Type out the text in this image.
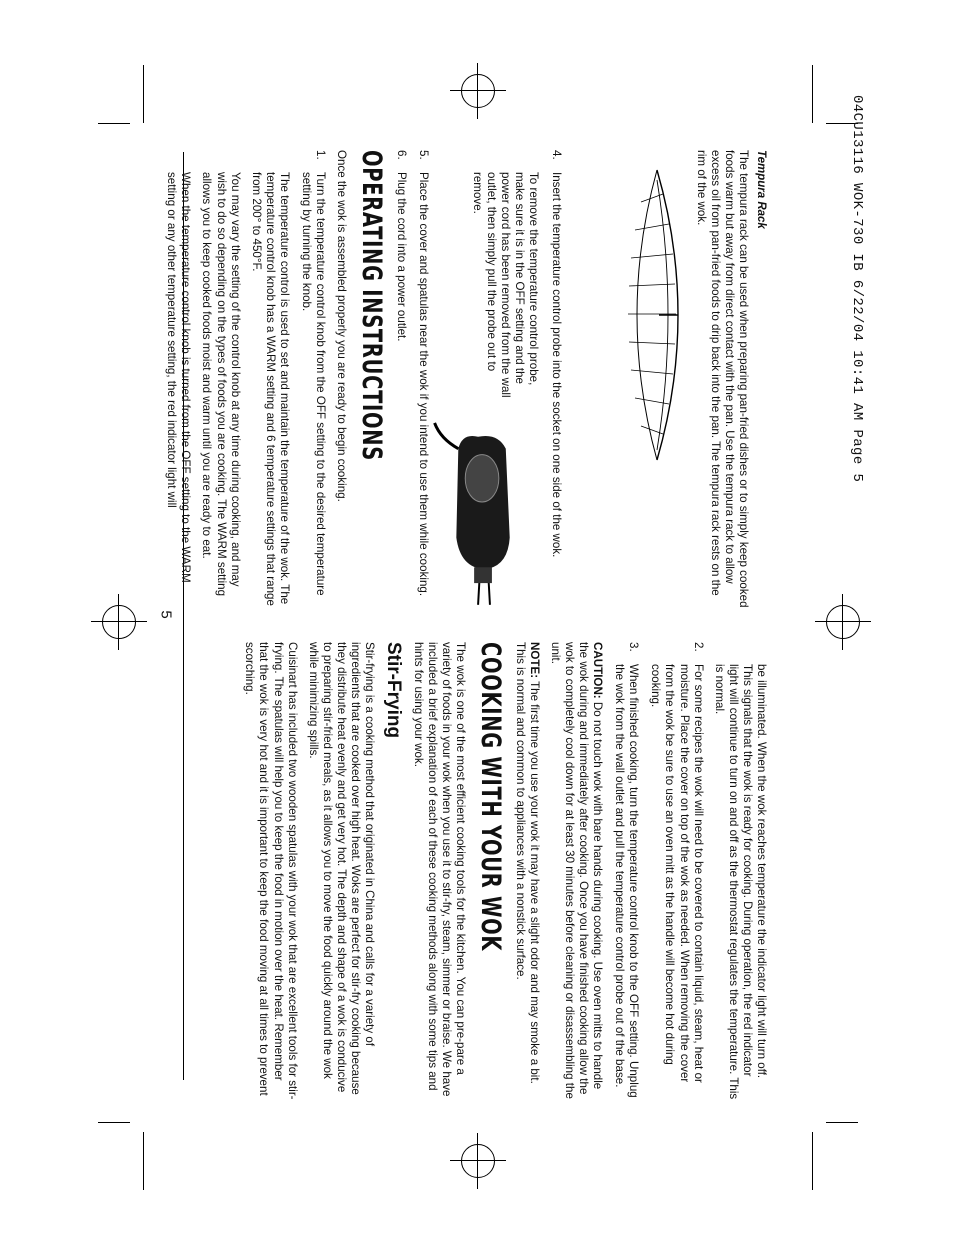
04CU13116 WOK-730 IB 6/22/04 10:41 AM Page 5
5
Tempura Rack

The tempura rack can be used when preparing pan-fried dishes or to simply keep cooked foods warm but away from direct contact with the pan. Use the tempura rack to allow excess oil from pan-fried foods to drip back into the pan. The tempura rack rests on the rim of the wok.

4.
Insert the temperature control probe into the socket on one side of the wok.
To remove the temperature control probe, make sure it is in the OFF setting and the power cord has been removed from the wall outlet, then simply pull the probe out to remove.
5.
Place the cover and spatulas near the wok if you intend to use them while cooking.
6.
Plug the cord into a power outlet.
OPERATING INSTRUCTIONS

Once the wok is assembled properly you are ready to begin cooking.

1.
Turn the temperature control knob from the OFF setting to the desired temperature setting by turning the knob.

The temperature control is used to set and maintain the temperature of the wok. The temperature control knob has a WARM setting and 6 temperature settings that range from 200° to 450°F.

You may vary the setting of the control knob at any time during cooking, and may wish to do so depending on the types of foods you are cooking. The WARM setting allows you to keep cooked foods moist and warm until you are ready to eat.

When the temperature control knob is turned from the OFF setting to the WARM setting or any other temperature setting, the red indicator light will

be illuminated. When the wok reaches temperature the indicator light will turn off. This signals that the wok is ready for cooking. During operation, the red indicator light will continue to turn on and off as the thermostat regulates the temperature. This is normal.

2.
For some recipes the wok will need to be covered to contain liquid, steam, heat or moisture. Place the cover on top of the wok as needed. When removing the cover from the wok be sure to use an oven mitt as the handle will become hot during cooking.
3.
When finished cooking, turn the temperature control knob to the OFF setting. Unplug the wok from the wall outlet and pull the temperature control probe out of the base.

CAUTION: Do not touch wok with bare hands during cooking. Use oven mitts to handle the wok during and immediately after cooking. Once you have finished cooking allow the wok to completely cool down for at least 30 minutes before cleaning or disassembling the unit.

NOTE: The first time you use your wok it may have a slight odor and may smoke a bit. This is normal and common to appliances with a nonstick surface.

COOKING WITH YOUR WOK

The wok is one of the most efficient cooking tools for the kitchen. You can pre-pare a variety of foods in your wok when you use it to stir-fry, steam, simmer or braise. We have included a brief explanation of each of these cooking methods along with some tips and hints for using your wok.

Stir-Frying

Stir-frying is a cooking method that originated in China and calls for a variety of ingredients that are cooked over high heat. Woks are perfect for stir-fry cooking because they distribute heat evenly and get very hot. The depth and shape of a wok is conducive to preparing stir-fried meals, as it allows you to move the food quickly around the wok while minimizing spills.

Cuisinart has included two wooden spatulas with your wok that are excellent tools for stir-frying. The spatulas will help you to keep the food in motion over the heat. Remember that the wok is very hot and it is important to keep the food moving at all times to prevent scorching.
